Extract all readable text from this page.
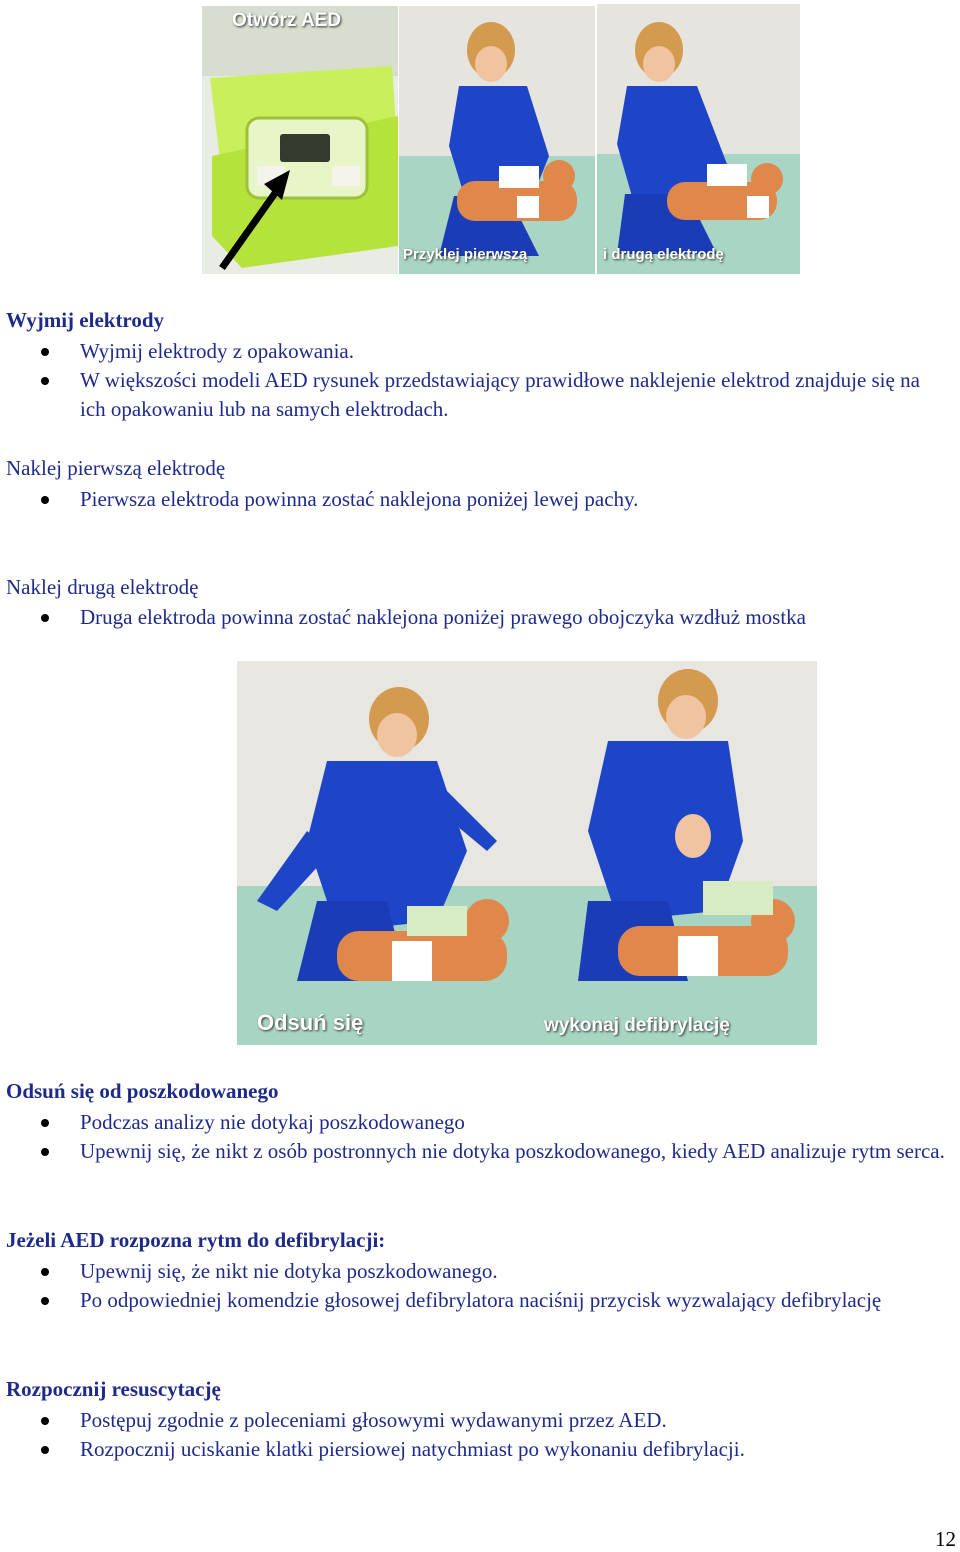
Otwórz AED
Przyklej pierwszą	i drugą elektrodę
Wyjmij elektrody
Wyjmij elektrody z opakowania.
W większości modeli AED rysunek przedstawiający prawidłowe naklejenie elektrod znajduje się na ich opakowaniu lub na samych elektrodach.
Naklej pierwszą elektrodę
Pierwsza elektroda powinna zostać naklejona poniżej lewej pachy.
Naklej drugą elektrodę
Druga elektroda powinna zostać naklejona poniżej prawego obojczyka wzdłuż mostka
Odsuń się	wykonaj defibrylację
Odsuń się od poszkodowanego
Podczas analizy nie dotykaj poszkodowanego
Upewnij się, że nikt z osób postronnych nie dotyka poszkodowanego, kiedy AED analizuje rytm serca.
Jeżeli AED rozpozna rytm do defibrylacji:
Upewnij się, że nikt nie dotyka poszkodowanego.
Po odpowiedniej komendzie głosowej defibrylatora naciśnij przycisk wyzwalający defibrylację
Rozpocznij resuscytację
Postępuj zgodnie z poleceniami głosowymi wydawanymi przez AED.
Rozpocznij uciskanie klatki piersiowej natychmiast po wykonaniu defibrylacji.
12
